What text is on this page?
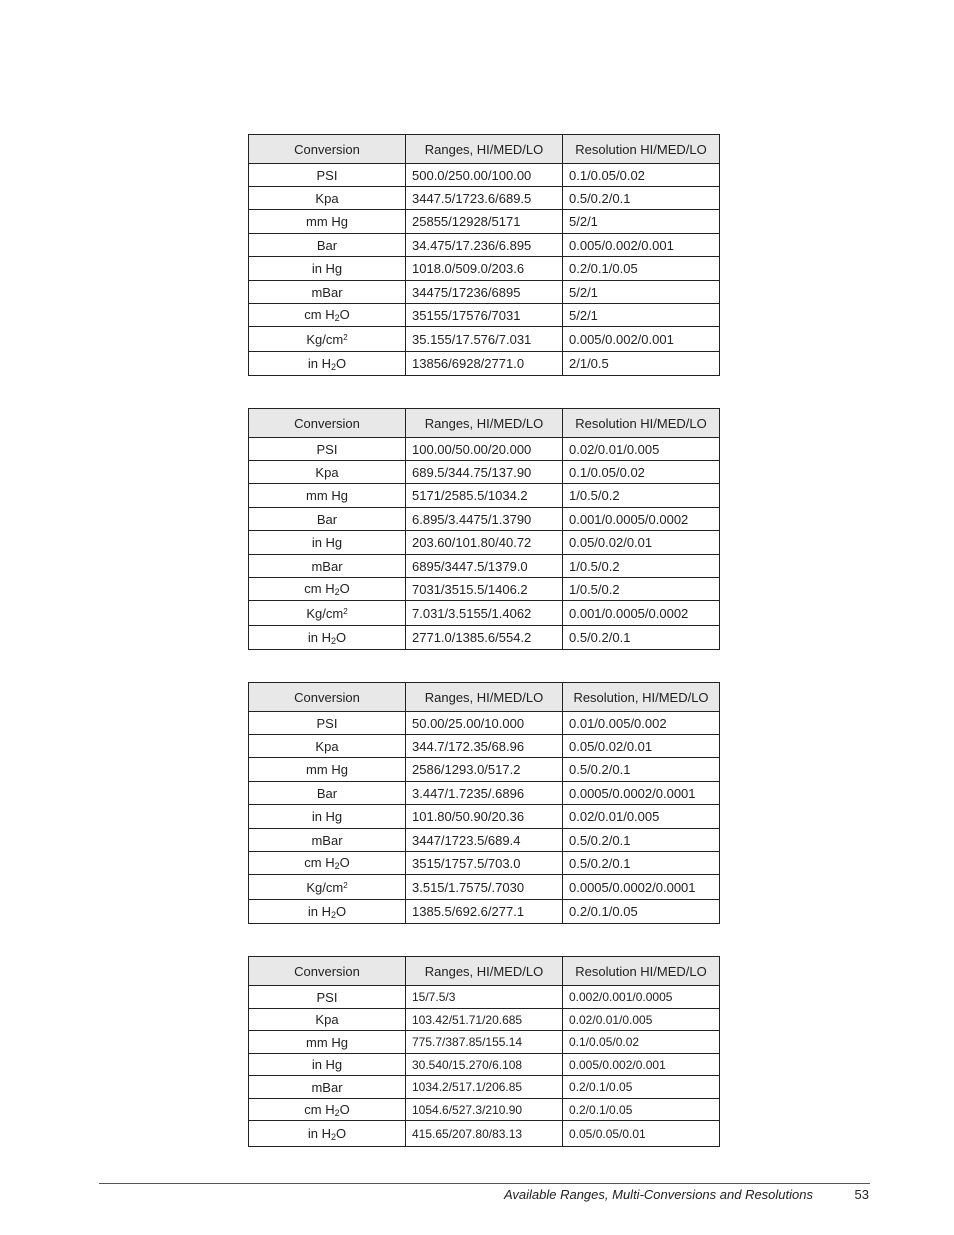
Conversion	Ranges, HI/MED/LO	Resolution HI/MED/LO
PSI	500.0/250.00/100.00	0.1/0.05/0.02
Kpa	3447.5/1723.6/689.5	0.5/0.2/0.1
mm Hg	25855/12928/5171	5/2/1
Bar	34.475/17.236/6.895	0.005/0.002/0.001
in Hg	1018.0/509.0/203.6	0.2/0.1/0.05
mBar	34475/17236/6895	5/2/1
cm $H_2O$	35155/17576/7031	5/2/1
$Kg/cm^2$	35.155/17.576/7.031	0.005/0.002/0.001
in $H_2O$	13856/6928/2771.0	2/1/0.5
Conversion	Ranges, HI/MED/LO	Resolution HI/MED/LO
PSI	100.00/50.00/20.000	0.02/0.01/0.005
Kpa	689.5/344.75/137.90	0.1/0.05/0.02
mm Hg	5171/2585.5/1034.2	1/0.5/0.2
Bar	6.895/3.4475/1.3790	0.001/0.0005/0.0002
in Hg	203.60/101.80/40.72	0.05/0.02/0.01
mBar	6895/3447.5/1379.0	1/0.5/0.2
cm $H_2O$	7031/3515.5/1406.2	1/0.5/0.2
$Kg/cm^2$	7.031/3.5155/1.4062	0.001/0.0005/0.0002
in $H_2O$	2771.0/1385.6/554.2	0.5/0.2/0.1
Conversion	Ranges, HI/MED/LO	Resolution, HI/MED/LO
PSI	50.00/25.00/10.000	0.01/0.005/0.002
Kpa	344.7/172.35/68.96	0.05/0.02/0.01
mm Hg	2586/1293.0/517.2	0.5/0.2/0.1
Bar	3.447/1.7235/.6896	0.0005/0.0002/0.0001
in Hg	101.80/50.90/20.36	0.02/0.01/0.005
mBar	3447/1723.5/689.4	0.5/0.2/0.1
cm $H_2O$	3515/1757.5/703.0	0.5/0.2/0.1
$Kg/cm^2$	3.515/1.7575/.7030	0.0005/0.0002/0.0001
in $H_2O$	1385.5/692.6/277.1	0.2/0.1/0.05
Conversion	Ranges, HI/MED/LO	Resolution HI/MED/LO
PSI	15/7.5/3	0.002/0.001/0.0005
Kpa	103.42/51.71/20.685	0.02/0.01/0.005
mm Hg	775.7/387.85/155.14	0.1/0.05/0.02
in Hg	30.540/15.270/6.108	0.005/0.002/0.001
mBar	1034.2/517.1/206.85	0.2/0.1/0.05
cm $H_2O$	1054.6/527.3/210.90	0.2/0.1/0.05
in $H_2O$	415.65/207.80/83.13	0.05/0.05/0.01
Available Ranges, Multi-Conversions and Resolutions	53
